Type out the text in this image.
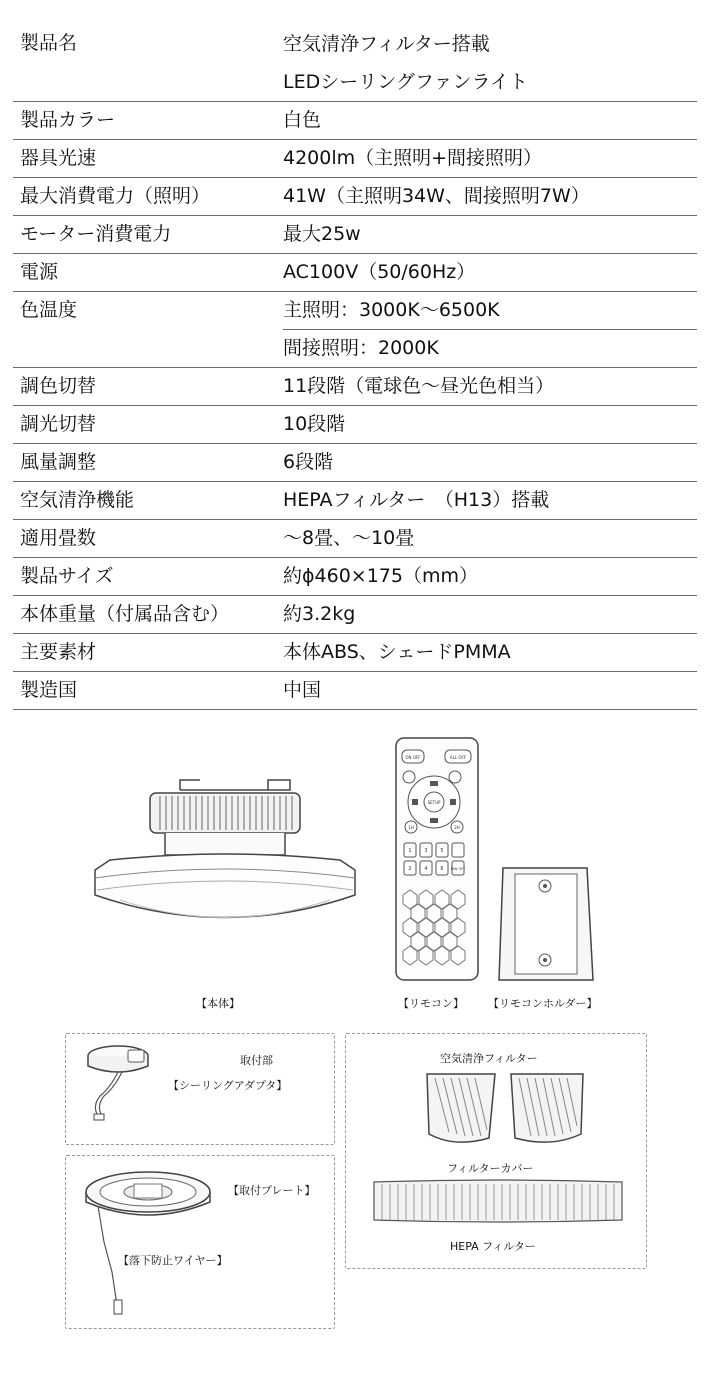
製品名	空気清浄フィルター搭載
LEDシーリングファンライト
製品カラー	白色
器具光速	4200lm（主照明+間接照明）
最大消費電力（照明）	41W（主照明34W、間接照明7W）
モーター消費電力	最大25w
電源	AC100V（50/60Hz）
色温度	主照明：3000K〜6500K
間接照明：2000K
調色切替	11段階（電球色〜昼光色相当）
調光切替	10段階
風量調整	6段階
空気清浄機能	HEPAフィルター　（H13）搭載
適用畳数	〜8畳、〜10畳
製品サイズ	約ϕ460×175（mm）
本体重量（付属品含む）	約3.2kg
主要素材	本体ABS、シェードPMMA
製造国	中国
【本体】
ON OFF	ALL OFF
SETUP
1H	2H
1	3	5
2	4	6 FAN OFF
【リモコン】 【リモコンホルダー】
取付部
【シーリングアダプタ】
【取付プレート】
【落下防止ワイヤー】
空気清浄フィルター
フィルターカバー
HEPA フィルター
